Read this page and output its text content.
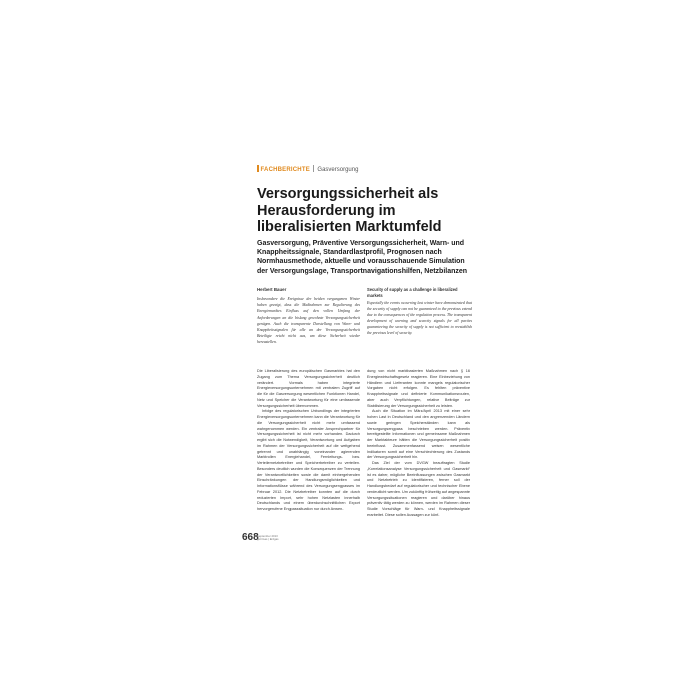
FACHBERICHTE Gasversorgung
Versorgungssicherheit als Herausforderung im liberalisierten Marktumfeld
Gasversorgung, Präventive Versorgungssicherheit, Warn- und Knappheitssignale, Standardlastprofil, Prognosen nach Normhausmethode, aktuelle und vorausschauende Simulation der Versorgungslage, Transportnavigationshilfen, Netzbilanzen
Herbert Bauer
Insbesondere die Ereignisse der beiden vergangenen Winter haben gezeigt, dass die Maßnahmen zur Regulierung des Energiemarktes Einfluss auf den vollen Umfang der Anforderungen an die bislang gewohnte Versorgungssicherheit genügen. Auch die transparente Darstellung von Warn- und Knappheitssignalen für alle an der Versorgungssicherheit Beteiligte reicht nicht aus, um diese Sicherheit wieder herzustellen.
Security of supply as a challenge in liberalized markets
Especially the events occurring last winter have demonstrated that the security of supply can not be guaranteed to the previous extend due to the consequences of the regulation process. The transparent development of warning and scarcity signals for all parties guaranteeing the security of supply is not sufficient to reestablish the previous level of security.

Die Liberalisierung des europäischen Gasmarktes hat den Zugang zum Thema Versorgungssicherheit deutlich verändert. Vormals haben integrierte Energieversorgungsunternehmen mit zentralem Zugriff auf die für die Gasversorgung wesentlichen Funktionen Handel, Netz und Speicher die Verantwortung für eine umfassende Versorgungssicherheit übernommen.

Infolge des regulatorischen Unbundlings der integrierten Energieversorgungsunternehmen kann die Verantwortung für die Versorgungssicherheit nicht mehr umfassend wahrgenommen werden. Ein zentraler Ansprechpartner für Versorgungssicherheit ist nicht mehr vorhanden. Dadurch ergibt sich die Notwendigkeit, Verantwortung und Aufgaben im Rahmen der Versorgungssicherheit auf die weitgehend getrennt und unabhängig voneinander agierenden Marktrollen Energiehandel, Fernleitungs- bzw. Verteilernetzbetreiber und Speicherbetreiber zu verteilen. Besonders deutlich wurden die Konsequenzen der Trennung der Verantwortlichkeiten sowie die damit einhergehenden Einschränkungen der Handlungsmöglichkeiten und Informationsflüsse während des Versorgungsengpasses im Februar 2012. Die Netzbetreiber konnten auf die durch reduzierten Import, sehr hohen Netzlasten innerhalb Deutschlands und einem überdurchschnittlichen Export hervorgerufene Engpasssituation nur durch Anwen-

dung von nicht marktbasierten Maßnahmen nach § 16 Energiewirtschaftsgesetz reagieren. Eine Einbeziehung von Händlern und Lieferanten konnte mangels regulatorischer Vorgaben nicht erfolgen. Es fehlten präventive Knappheitssignale und definierte Kommunikationsrouten, aber auch Verpflichtungen, relative Beiträge zur Stabilisierung der Versorgungssicherheit zu leisten.

Auch die Situation im März/April 2013 mit einer sehr hohen Last in Deutschland und den angrenzenden Ländern sowie geringen Speicherständen kann als Versorgungsengpass beschrieben werden. Präventiv bereitgestellte Informationen und gemeinsame Maßnahmen der Marktakteure hätten die Versorgungssicherheit positiv beeinflusst. Zusammenfassend weisen wesentliche Indikatoren somit auf eine Verschlechterung des Zustands der Versorgungssicherheit hin.

Das Ziel der vom DVGW beauftragten Studie „Korrelationsanalyse Versorgungssicherheit und Gasmarkt“ ist es daher, mögliche Beeinflussungen zwischen Gasmarkt und Netzbetrieb zu identifizieren, ferner soll der Handlungsbedarf auf regulatorischer und technischer Ebene verdeutlicht werden. Um zukünftig frühzeitig auf angespannte Versorgungssituationen reagieren und darüber hinaus präventiv tätig werden zu können, werden im Rahmen dieser Studie Vorschläge für Warn- und Knappheitssignale erarbeitet. Diese sollen Aussagen zur künf-

668
September 2013
gwf-Gas | Erdgas
